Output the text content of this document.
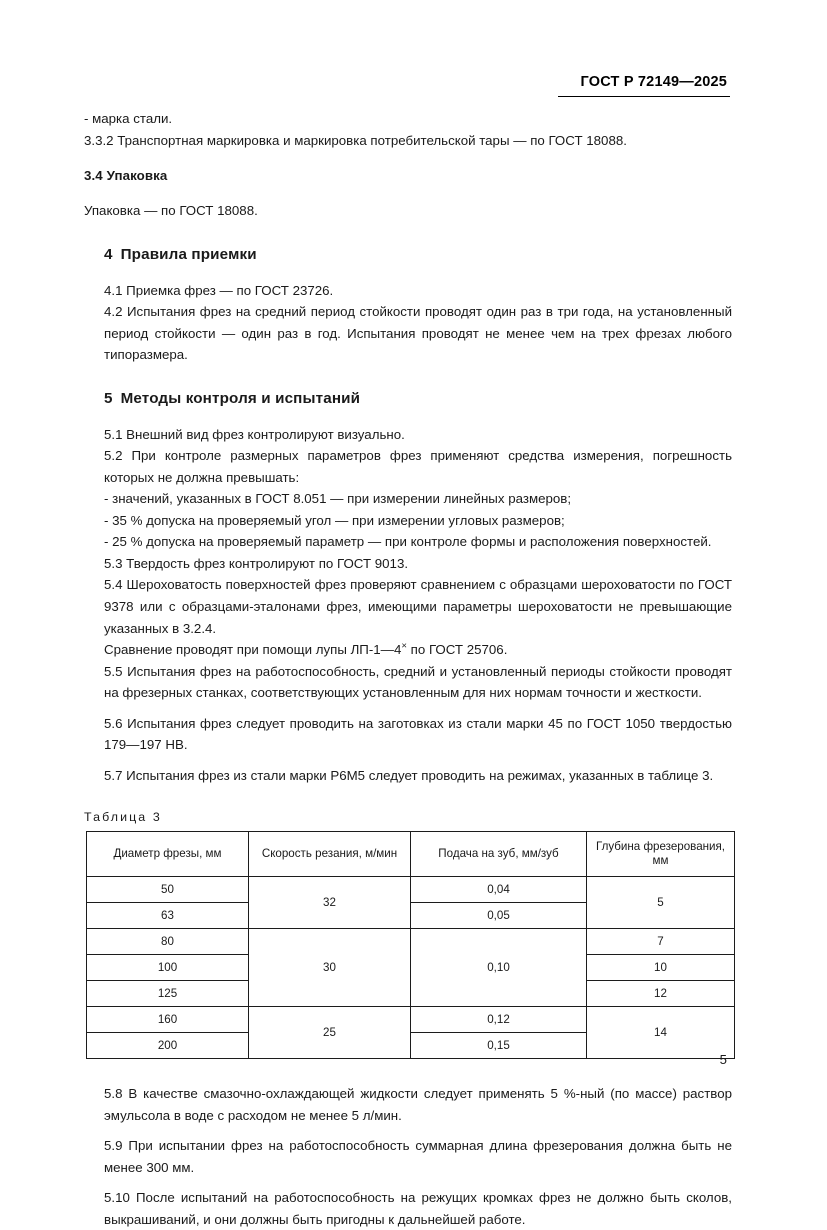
ГОСТ Р 72149—2025

- марка стали.

3.3.2 Транспортная маркировка и маркировка потребительской тары — по ГОСТ 18088.

3.4 Упаковка

Упаковка — по ГОСТ 18088.

4 Правила приемки

4.1 Приемка фрез — по ГОСТ 23726.

4.2 Испытания фрез на средний период стойкости проводят один раз в три года, на установленный период стойкости — один раз в год. Испытания проводят не менее чем на трех фрезах любого типоразмера.

5 Методы контроля и испытаний

5.1 Внешний вид фрез контролируют визуально.

5.2 При контроле размерных параметров фрез применяют средства измерения, погрешность которых не должна превышать:

- значений, указанных в ГОСТ 8.051 — при измерении линейных размеров;

- 35 % допуска на проверяемый угол — при измерении угловых размеров;

- 25 % допуска на проверяемый параметр — при контроле формы и расположения поверхностей.

5.3 Твердость фрез контролируют по ГОСТ 9013.

5.4 Шероховатость поверхностей фрез проверяют сравнением с образцами шероховатости по ГОСТ 9378 или с образцами-эталонами фрез, имеющими параметры шероховатости не превышающие указанных в 3.2.4.

Сравнение проводят при помощи лупы ЛП-1—4× по ГОСТ 25706.

5.5 Испытания фрез на работоспособность, средний и установленный периоды стойкости проводят на фрезерных станках, соответствующих установленным для них нормам точности и жесткости.

5.6 Испытания фрез следует проводить на заготовках из стали марки 45 по ГОСТ 1050 твердостью 179—197 HB.

5.7 Испытания фрез из стали марки Р6М5 следует проводить на режимах, указанных в таблице 3.

Таблица 3
Диаметр фрезы, мм	Скорость резания, м/мин	Подача на зуб, мм/зуб	Глубина фрезерования, мм
50	32	0,04	5
63		0,05	
80	30	0,10	7
100			10
125			12
160	25	0,12	14
200		0,15	

5.8 В качестве смазочно-охлаждающей жидкости следует применять 5 %-ный (по массе) раствор эмульсола в воде с расходом не менее 5 л/мин.

5.9 При испытании фрез на работоспособность суммарная длина фрезерования должна быть не менее 300 мм.

5.10 После испытаний на работоспособность на режущих кромках фрез не должно быть сколов, выкрашиваний, и они должны быть пригодны к дальнейшей работе.

5
